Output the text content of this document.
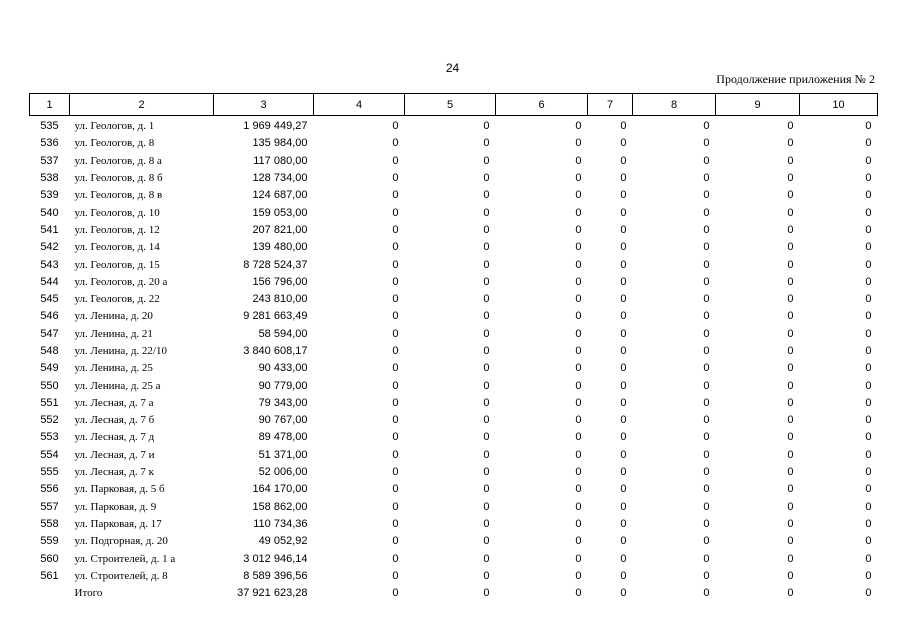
24
Продолжение приложения № 2
1	2	3	4	5	6	7	8	9	10
535	ул. Геологов, д. 1	1 969 449,27	0	0	0	0	0	0	0
536	ул. Геологов, д. 8	135 984,00	0	0	0	0	0	0	0
537	ул. Геологов, д. 8 а	117 080,00	0	0	0	0	0	0	0
538	ул. Геологов, д. 8 б	128 734,00	0	0	0	0	0	0	0
539	ул. Геологов, д. 8 в	124 687,00	0	0	0	0	0	0	0
540	ул. Геологов, д. 10	159 053,00	0	0	0	0	0	0	0
541	ул. Геологов, д. 12	207 821,00	0	0	0	0	0	0	0
542	ул. Геологов, д. 14	139 480,00	0	0	0	0	0	0	0
543	ул. Геологов, д. 15	8 728 524,37	0	0	0	0	0	0	0
544	ул. Геологов, д. 20 а	156 796,00	0	0	0	0	0	0	0
545	ул. Геологов, д. 22	243 810,00	0	0	0	0	0	0	0
546	ул. Ленина, д. 20	9 281 663,49	0	0	0	0	0	0	0
547	ул. Ленина, д. 21	58 594,00	0	0	0	0	0	0	0
548	ул. Ленина, д. 22/10	3 840 608,17	0	0	0	0	0	0	0
549	ул. Ленина, д. 25	90 433,00	0	0	0	0	0	0	0
550	ул. Ленина, д. 25 а	90 779,00	0	0	0	0	0	0	0
551	ул. Лесная, д. 7 а	79 343,00	0	0	0	0	0	0	0
552	ул. Лесная, д. 7 б	90 767,00	0	0	0	0	0	0	0
553	ул. Лесная, д. 7 д	89 478,00	0	0	0	0	0	0	0
554	ул. Лесная, д. 7 и	51 371,00	0	0	0	0	0	0	0
555	ул. Лесная, д. 7 к	52 006,00	0	0	0	0	0	0	0
556	ул. Парковая, д. 5 б	164 170,00	0	0	0	0	0	0	0
557	ул. Парковая, д. 9	158 862,00	0	0	0	0	0	0	0
558	ул. Парковая, д. 17	110 734,36	0	0	0	0	0	0	0
559	ул. Подгорная, д. 20	49 052,92	0	0	0	0	0	0	0
560	ул. Строителей, д. 1 а	3 012 946,14	0	0	0	0	0	0	0
561	ул. Строителей, д. 8	8 589 396,56	0	0	0	0	0	0	0
	Итого	37 921 623,28	0	0	0	0	0	0	0
